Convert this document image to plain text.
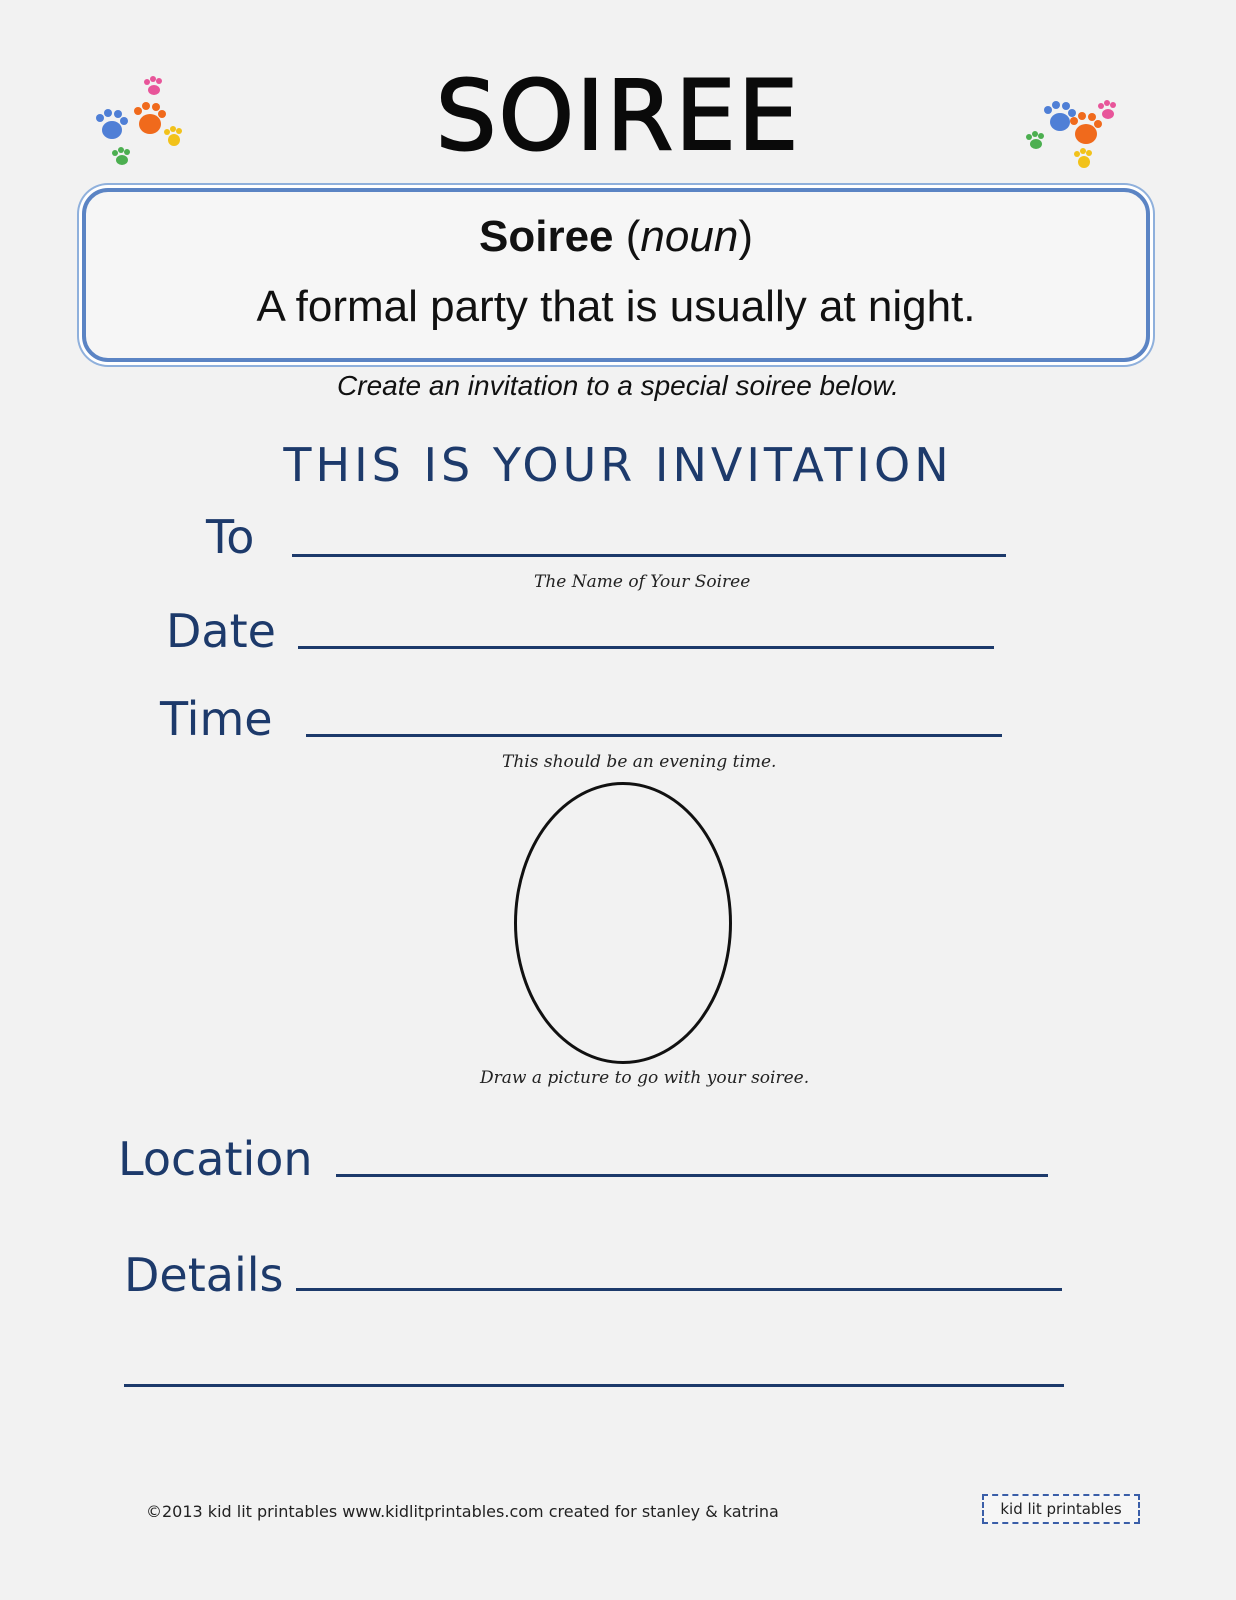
SOIREE
Soiree (noun)
A formal party that is usually at night.
Create an invitation to a special soiree below.
THIS IS YOUR INVITATION
To
The Name of Your Soiree
Date
Time
This should be an evening time.
Draw a picture to go with your soiree.
Location
Details
©2013 kid lit printables www.kidlitprintables.com created for stanley & katrina	kid lit printables
